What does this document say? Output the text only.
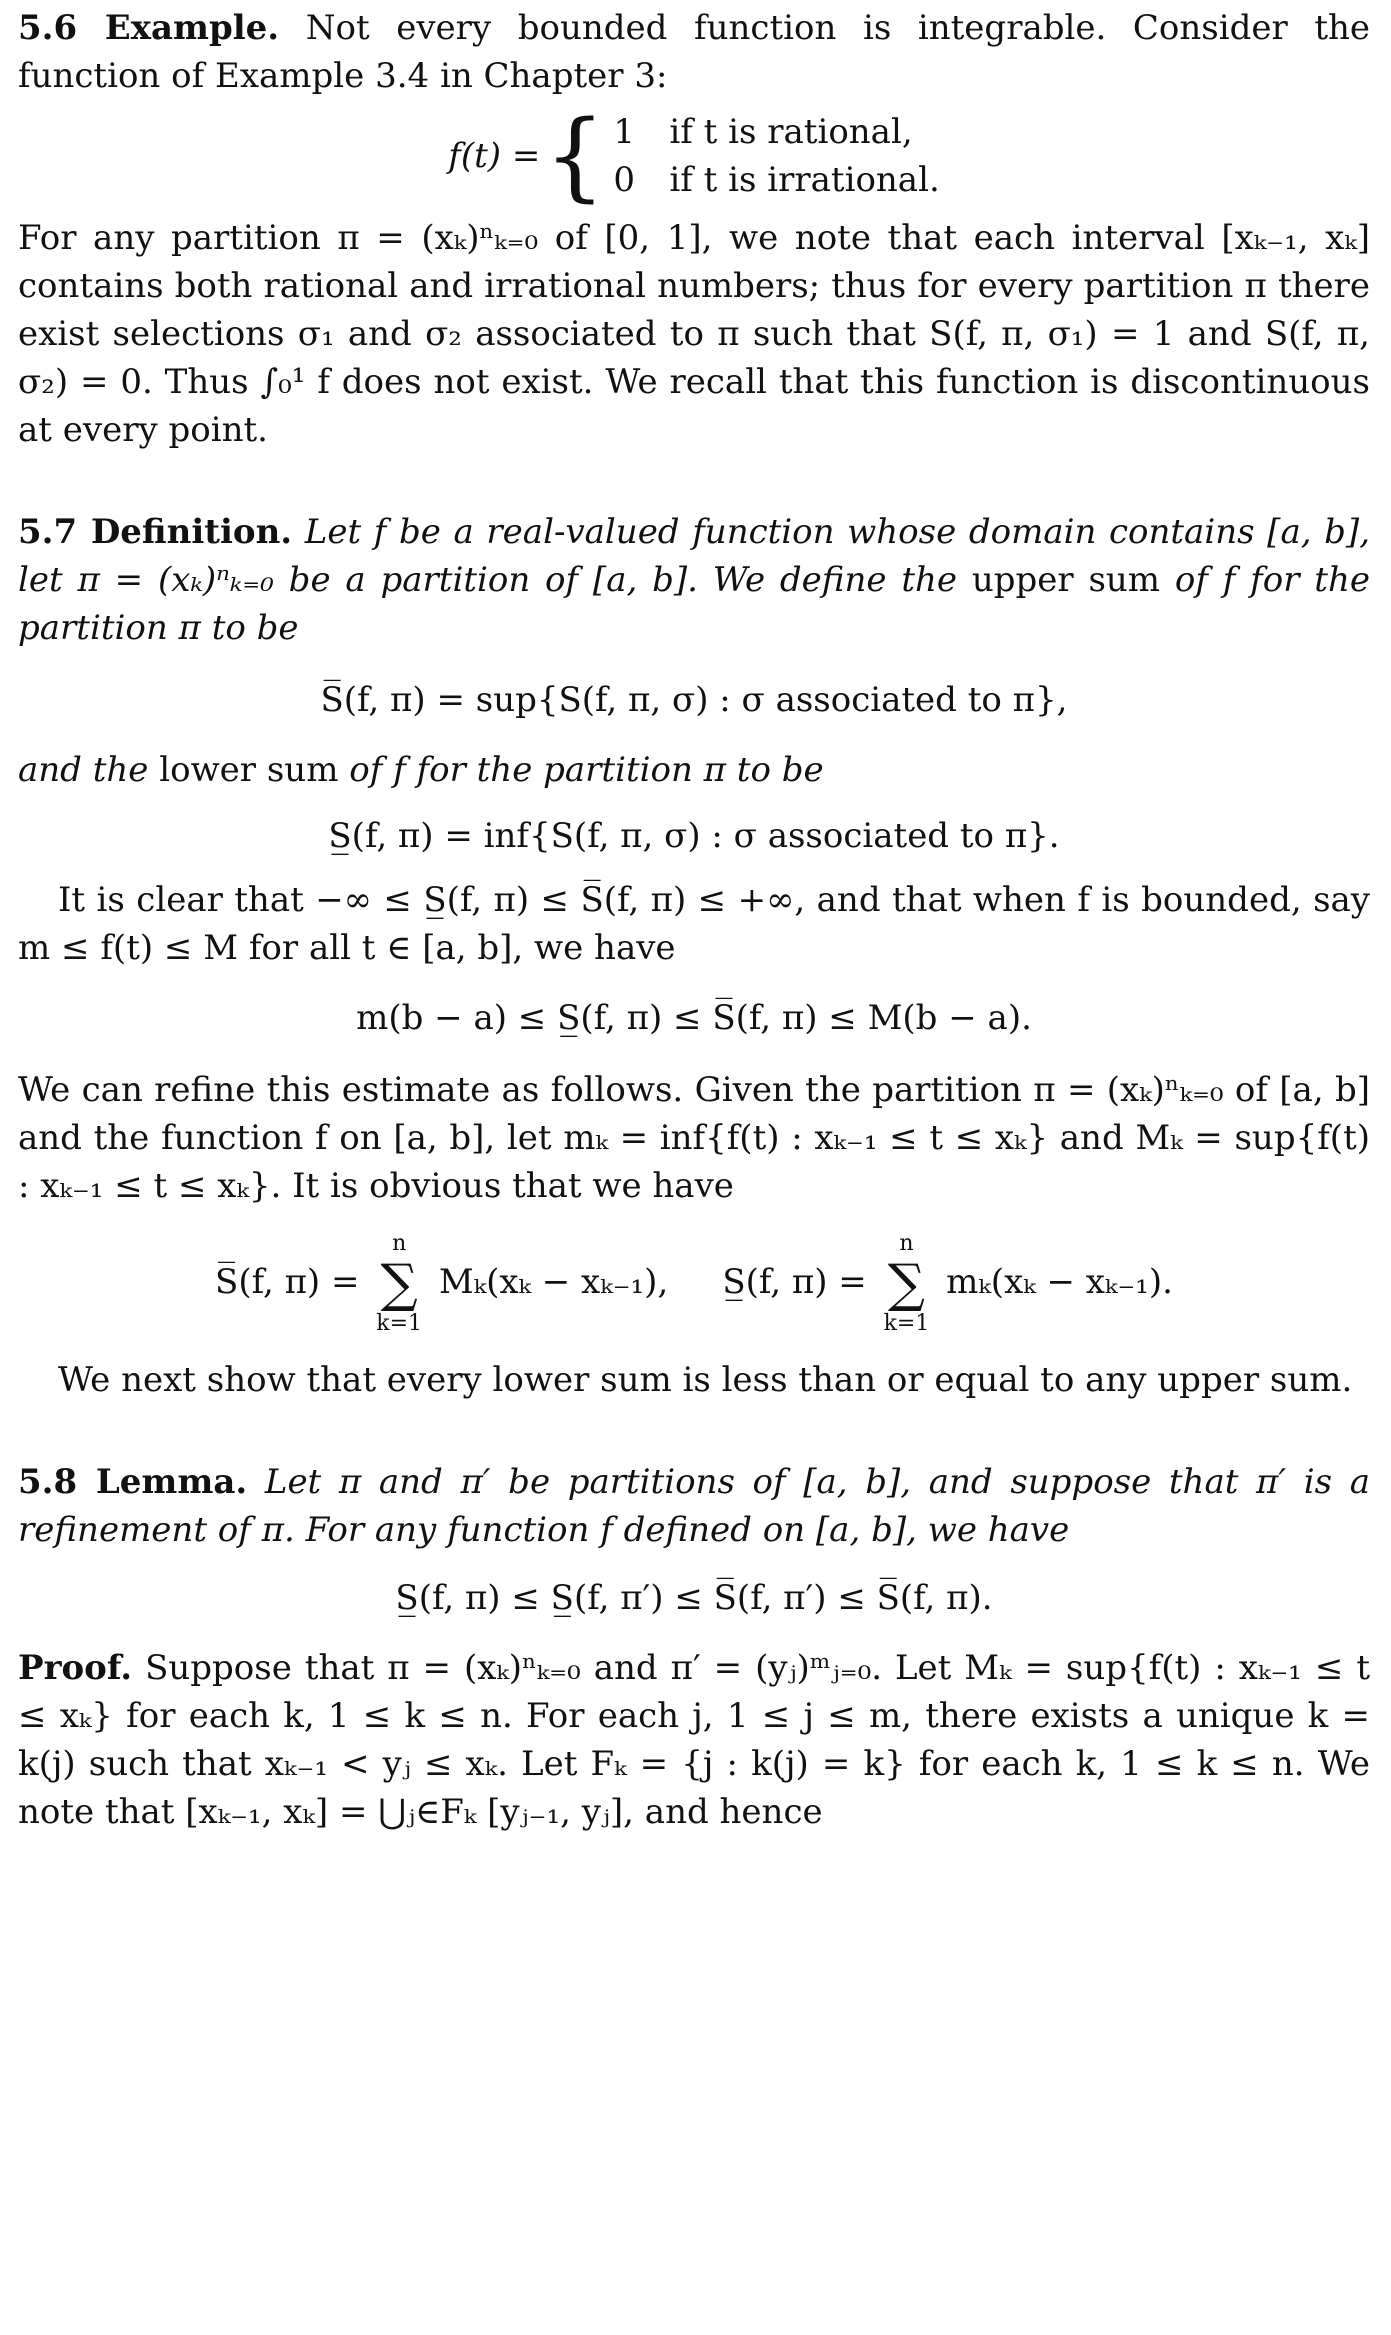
5.6 Example. Not every bounded function is integrable. Consider the function of Example 3.4 in Chapter 3:

f(t) = { 1 if t is rational,
0 if t is irrational.

For any partition π = (xₖ)ⁿₖ₌₀ of [0, 1], we note that each interval [xₖ₋₁, xₖ] contains both rational and irrational numbers; thus for every partition π there exist selections σ₁ and σ₂ associated to π such that S(f, π, σ₁) = 1 and S(f, π, σ₂) = 0. Thus ∫₀¹ f does not exist. We recall that this function is discontinuous at every point.

5.7 Definition. Let f be a real-valued function whose domain contains [a, b], let π = (xₖ)ⁿₖ₌₀ be a partition of [a, b]. We define the upper sum of f for the partition π to be

S̅(f, π) = sup{S(f, π, σ) : σ associated to π},

and the lower sum of f for the partition π to be

S̲(f, π) = inf{S(f, π, σ) : σ associated to π}.

It is clear that −∞ ≤ S̲(f, π) ≤ S̅(f, π) ≤ +∞, and that when f is bounded, say m ≤ f(t) ≤ M for all t ∈ [a, b], we have

m(b − a) ≤ S̲(f, π) ≤ S̅(f, π) ≤ M(b − a).

We can refine this estimate as follows. Given the partition π = (xₖ)ⁿₖ₌₀ of [a, b] and the function f on [a, b], let mₖ = inf{f(t) : xₖ₋₁ ≤ t ≤ xₖ} and Mₖ = sup{f(t) : xₖ₋₁ ≤ t ≤ xₖ}. It is obvious that we have

S̅(f, π) =
n
∑
k=1
Mₖ(xₖ − xₖ₋₁), S̲(f, π) =
n
∑
k=1
mₖ(xₖ − xₖ₋₁).

We next show that every lower sum is less than or equal to any upper sum.

5.8 Lemma. Let π and π′ be partitions of [a, b], and suppose that π′ is a refinement of π. For any function f defined on [a, b], we have

S̲(f, π) ≤ S̲(f, π′) ≤ S̅(f, π′) ≤ S̅(f, π).

Proof. Suppose that π = (xₖ)ⁿₖ₌₀ and π′ = (yⱼ)ᵐⱼ₌₀. Let Mₖ = sup{f(t) : xₖ₋₁ ≤ t ≤ xₖ} for each k, 1 ≤ k ≤ n. For each j, 1 ≤ j ≤ m, there exists a unique k = k(j) such that xₖ₋₁ < yⱼ ≤ xₖ. Let Fₖ = {j : k(j) = k} for each k, 1 ≤ k ≤ n. We note that [xₖ₋₁, xₖ] = ⋃ⱼ∈Fₖ [yⱼ₋₁, yⱼ], and hence
